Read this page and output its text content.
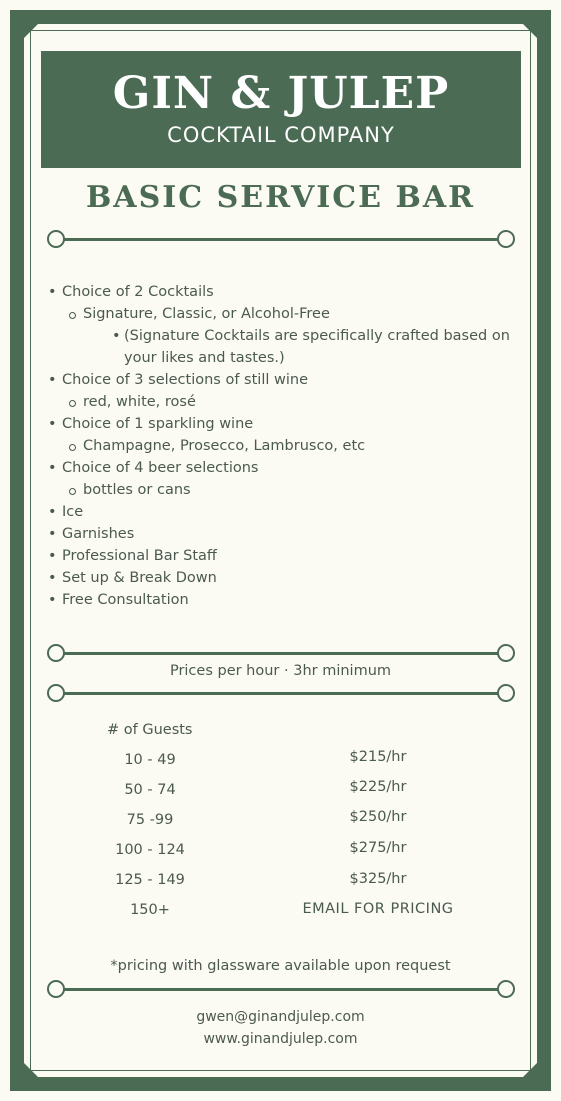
GIN & JULEP
COCKTAIL COMPANY
BASIC SERVICE BAR
• Choice of 2 Cocktails
Signature, Classic, or Alcohol-Free
• (Signature Cocktails are specifically crafted based on your likes and tastes.)
• Choice of 3 selections of still wine
red, white, rosé
• Choice of 1 sparkling wine
Champagne, Prosecco, Lambrusco, etc
• Choice of 4 beer selections
bottles or cans
• Ice
• Garnishes
• Professional Bar Staff
• Set up & Break Down
• Free Consultation
Prices per hour · 3hr minimum
# of Guests
10 - 49	$215/hr
50 - 74	$225/hr
75 -99	$250/hr
100 - 124	$275/hr
125 - 149	$325/hr
150+	EMAIL FOR PRICING
*pricing with glassware available upon request
gwen@ginandjulep.com
www.ginandjulep.com
